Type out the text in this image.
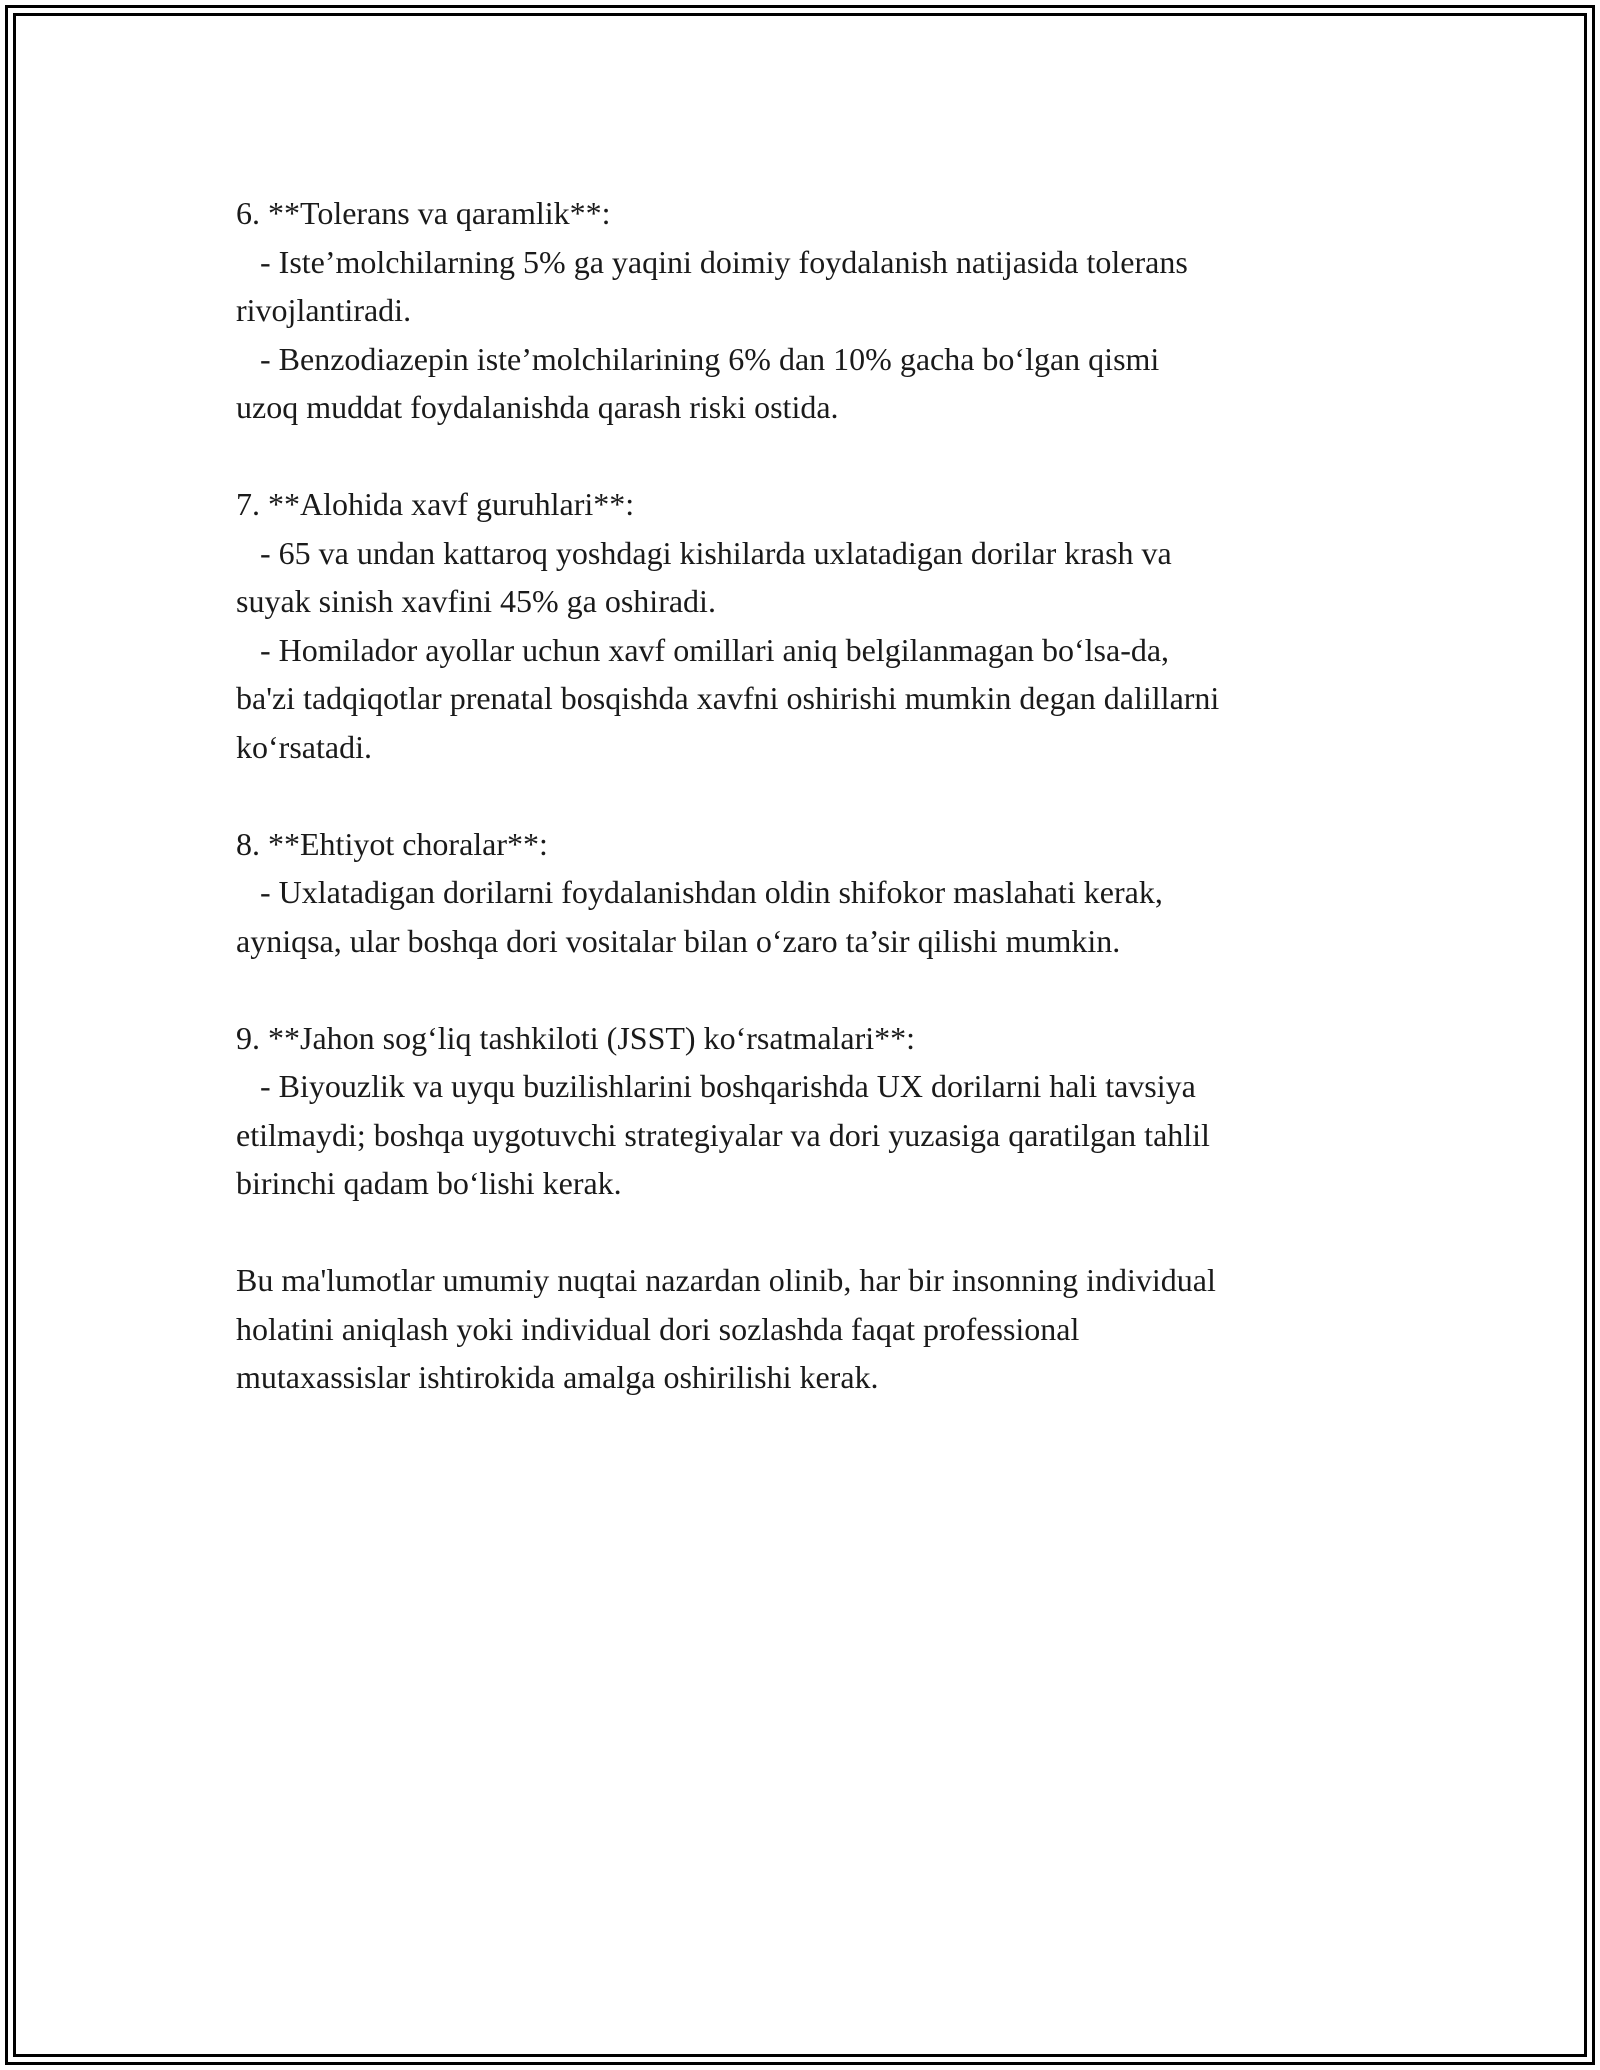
6. **Tolerans va qaramlik**:
- Iste’molchilarning 5% ga yaqini doimiy foydalanish natijasida tolerans
rivojlantiradi.
- Benzodiazepin iste’molchilarining 6% dan 10% gacha bo‘lgan qismi
uzoq muddat foydalanishda qarash riski ostida.
7. **Alohida xavf guruhlari**:
- 65 va undan kattaroq yoshdagi kishilarda uxlatadigan dorilar krash va
suyak sinish xavfini 45% ga oshiradi.
- Homilador ayollar uchun xavf omillari aniq belgilanmagan bo‘lsa-da,
ba'zi tadqiqotlar prenatal bosqishda xavfni oshirishi mumkin degan dalillarni
ko‘rsatadi.
8. **Ehtiyot choralar**:
- Uxlatadigan dorilarni foydalanishdan oldin shifokor maslahati kerak,
ayniqsa, ular boshqa dori vositalar bilan o‘zaro ta’sir qilishi mumkin.
9. **Jahon sog‘liq tashkiloti (JSST) ko‘rsatmalari**:
- Biyouzlik va uyqu buzilishlarini boshqarishda UX dorilarni hali tavsiya
etilmaydi; boshqa uygotuvchi strategiyalar va dori yuzasiga qaratilgan tahlil
birinchi qadam bo‘lishi kerak.
Bu ma'lumotlar umumiy nuqtai nazardan olinib, har bir insonning individual
holatini aniqlash yoki individual dori sozlashda faqat professional
mutaxassislar ishtirokida amalga oshirilishi kerak.
